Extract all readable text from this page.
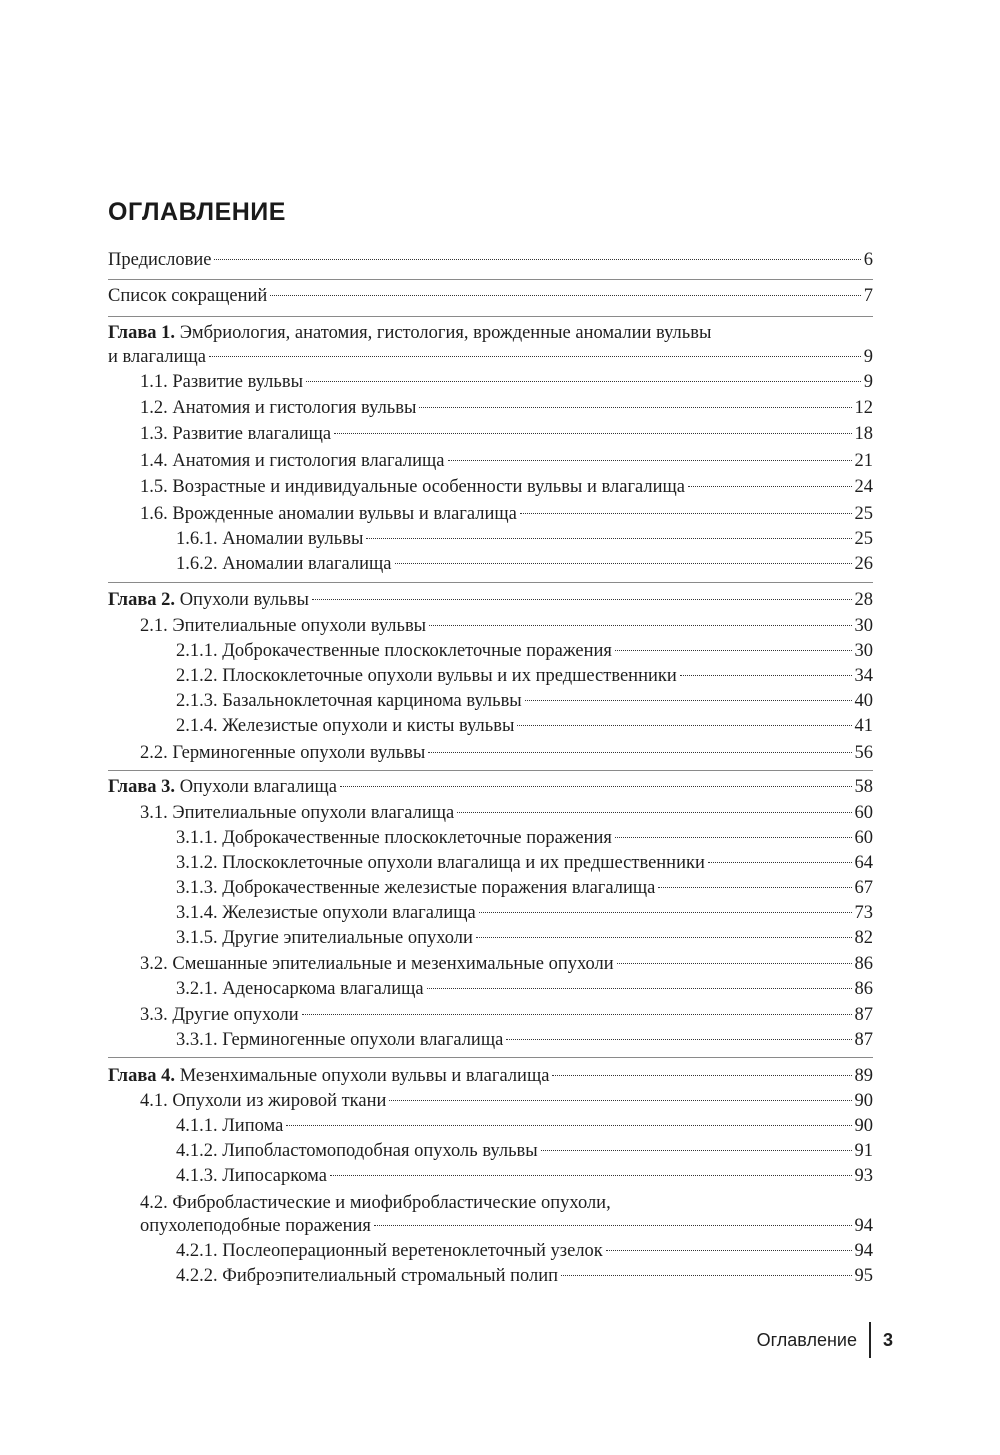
ОГЛАВЛЕНИЕ
Предисловие	6
Список сокращений	7
Глава 1. Эмбриология, анатомия, гистология, врожденные аномалии вульвы
и влагалища	9
1.1. Развитие вульвы	9
1.2. Анатомия и гистология вульвы	12
1.3. Развитие влагалища	18
1.4. Анатомия и гистология влагалища	21
1.5. Возрастные и индивидуальные особенности вульвы и влагалища	24
1.6. Врожденные аномалии вульвы и влагалища	25
1.6.1. Аномалии вульвы	25
1.6.2. Аномалии влагалища	26
Глава 2. Опухоли вульвы	28
2.1. Эпителиальные опухоли вульвы	30
2.1.1. Доброкачественные плоскоклеточные поражения	30
2.1.2. Плоскоклеточные опухоли вульвы и их предшественники	34
2.1.3. Базальноклеточная карцинома вульвы	40
2.1.4. Железистые опухоли и кисты вульвы	41
2.2. Герминогенные опухоли вульвы	56
Глава 3. Опухоли влагалища	58
3.1. Эпителиальные опухоли влагалища	60
3.1.1. Доброкачественные плоскоклеточные поражения	60
3.1.2. Плоскоклеточные опухоли влагалища и их предшественники	64
3.1.3. Доброкачественные железистые поражения влагалища	67
3.1.4. Железистые опухоли влагалища	73
3.1.5. Другие эпителиальные опухоли	82
3.2. Смешанные эпителиальные и мезенхимальные опухоли	86
3.2.1. Аденосаркома влагалища	86
3.3. Другие опухоли	87
3.3.1. Герминогенные опухоли влагалища	87
Глава 4. Мезенхимальные опухоли вульвы и влагалища	89
4.1. Опухоли из жировой ткани	90
4.1.1. Липома	90
4.1.2. Липобластомоподобная опухоль вульвы	91
4.1.3. Липосаркома	93
4.2. Фибробластические и миофибробластические опухоли,
опухолеподобные поражения	94
4.2.1. Послеоперационный веретеноклеточный узелок	94
4.2.2. Фиброэпителиальный стромальный полип	95
Оглавление 3
